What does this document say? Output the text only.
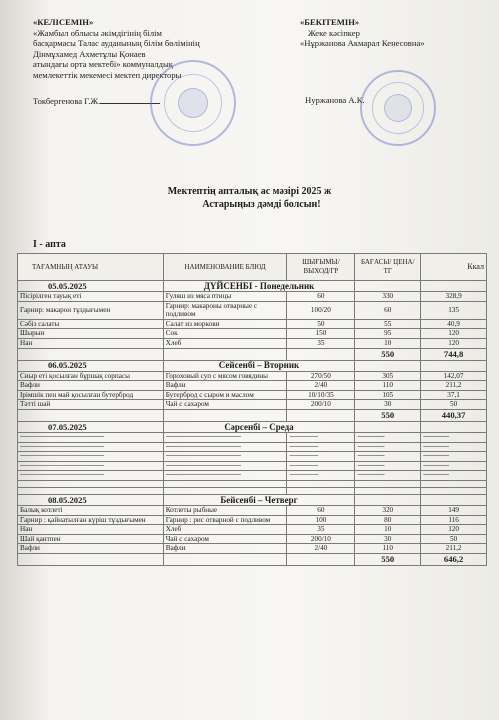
«КЕЛІСЕМІН»
«Жамбыл облысы әкімдігінің білім
басқармасы Талас ауданының білім бөлімінің
Дінмұхамед Ахметұлы Қонаев
атындағы орта мектебі» коммуналдық
мемлекеттік мекемесі мектеп директоры
Токбергенова Г.Ж.
«БЕКІТЕМІН»
Жеке кәсіпкер
«Нұржанова Акмарал Кенесовна»
Нуржанова А.К.
Мектептің апталық ас мәзірі 2025 ж
Астарыңыз дәмді болсын!
I - апта
ТАҒАМНЫҢ АТАУЫ	НАИМЕНОВАНИЕ БЛЮД	ШЫҒЫМЫ/ ВЫХОД/ГР	БАҒАСЫ/ ЦЕНА/ТГ	Ккал
05.05.2025	ДҮЙСЕНБІ - Понедельник			
Пісірілген тауық еті	Гуляш из мяса птицы	60	330	328,9
Гарнир: макарон тұздығымен	Гарнир: макароны отварные с подливом	100/20	60	135
Сәбіз салаты	Салат из моркови	50	55	40,9
Шырын	Сок	150	95	120
Нан	Хлеб	35	10	120
			550	744,8
06.05.2025	Сейсенбі – Вторник			
Сиыр еті қосылған бұршақ сорпасы	Гороховый суп с мясом говядины	270/50	305	142,07
Вафли	Вафли	2/40	110	211,2
Ірімшік пен май қосылған бутерброд	Бутерброд с сыром и маслом	10/10/35	105	37,1
Тәтті шай	Чай с сахаром	200/10	30	50
			550	440,37
07.05.2025	Сәрсенбі – Среда			
--------------------------------------------------------	--------------------------------------------------	-------------------	------------------	-----------------
--------------------------------------------------------	--------------------------------------------------	-------------------	------------------	-----------------
--------------------------------------------------------	--------------------------------------------------	-------------------	------------------	-----------------
--------------------------------------------------------	--------------------------------------------------	-------------------	------------------	-----------------
--------------------------------------------------------	--------------------------------------------------	-------------------	------------------	-----------------

08.05.2025	Бейсенбі – Четверг			
Балық котлеті	Котлеты рыбные	60	320	149
Гарнир : қайнатылған күріш тұздығымен	Гарнир : рис отварной с подливом	100	80	116
Нан	Хлеб	35	10	120
Шай қантпен	Чай с сахаром	200/10	30	50
Вафли	Вафли	2/40	110	211,2
			550	646,2
